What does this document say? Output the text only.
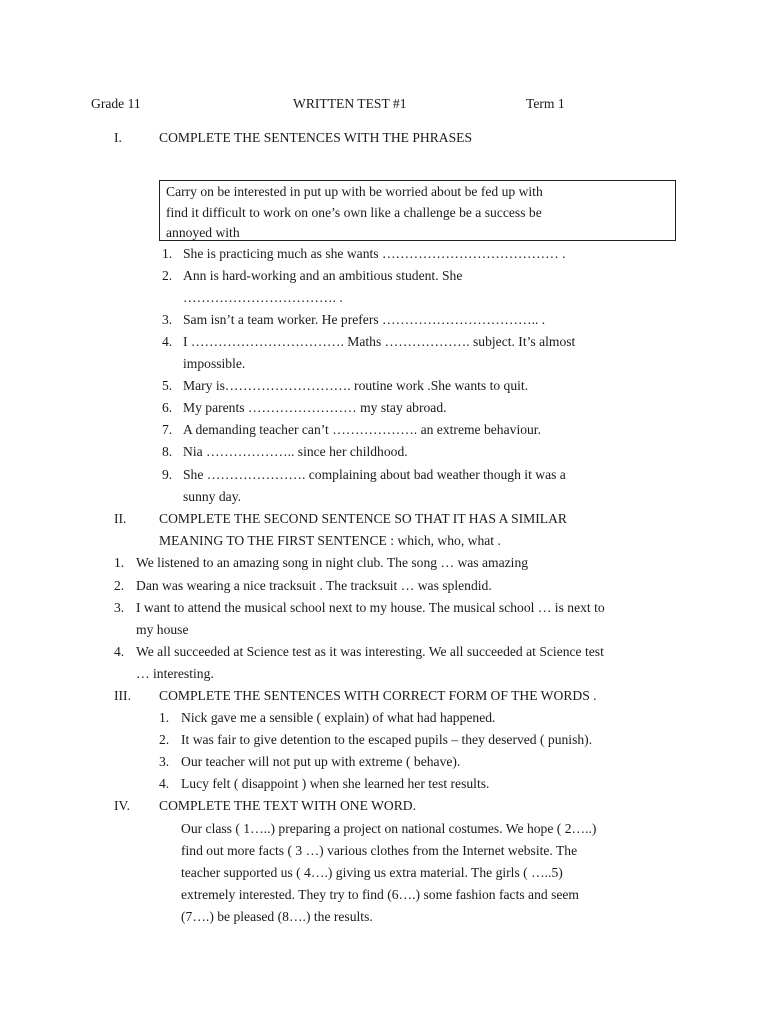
Grade 11	WRITTEN TEST #1	Term 1
I.	COMPLETE THE SENTENCES WITH THE PHRASES
Carry on be interested in put up with be worried about be fed up with
find it difficult to work on one’s own like a challenge be a success be
annoyed with
1. She is practicing much as she wants ………………………………… .
2. Ann is hard-working and an ambitious student. She
……………………………. .
3. Sam isn’t a team worker. He prefers …………………………….. .
4. I ……………………………. Maths ………………. subject. It’s almost
impossible.
5. Mary is………………………. routine work .She wants to quit.
6. My parents …………………… my stay abroad.
7. A demanding teacher can’t ………………. an extreme behaviour.
8. Nia ……………….. since her childhood.
9. She …………………. complaining about bad weather though it was a
sunny day.
II. COMPLETE THE SECOND SENTENCE SO THAT IT HAS A SIMILAR
MEANING TO THE FIRST SENTENCE : which, who, what .
1. We listened to an amazing song in night club. The song … was amazing
2. Dan was wearing a nice tracksuit . The tracksuit … was splendid.
3. I want to attend the musical school next to my house. The musical school … is next to
my house
4. We all succeeded at Science test as it was interesting. We all succeeded at Science test
… interesting.
III. COMPLETE THE SENTENCES WITH CORRECT FORM OF THE WORDS .
1. Nick gave me a sensible ( explain) of what had happened.
2. It was fair to give detention to the escaped pupils – they deserved ( punish).
3. Our teacher will not put up with extreme ( behave).
4. Lucy felt ( disappoint ) when she learned her test results.
IV. COMPLETE THE TEXT WITH ONE WORD.
Our class ( 1…..) preparing a project on national costumes. We hope ( 2…..)
find out more facts ( 3 …) various clothes from the Internet website. The
teacher supported us ( 4….) giving us extra material. The girls ( …..5)
extremely interested. They try to find (6….) some fashion facts and seem
(7….) be pleased (8….) the results.
